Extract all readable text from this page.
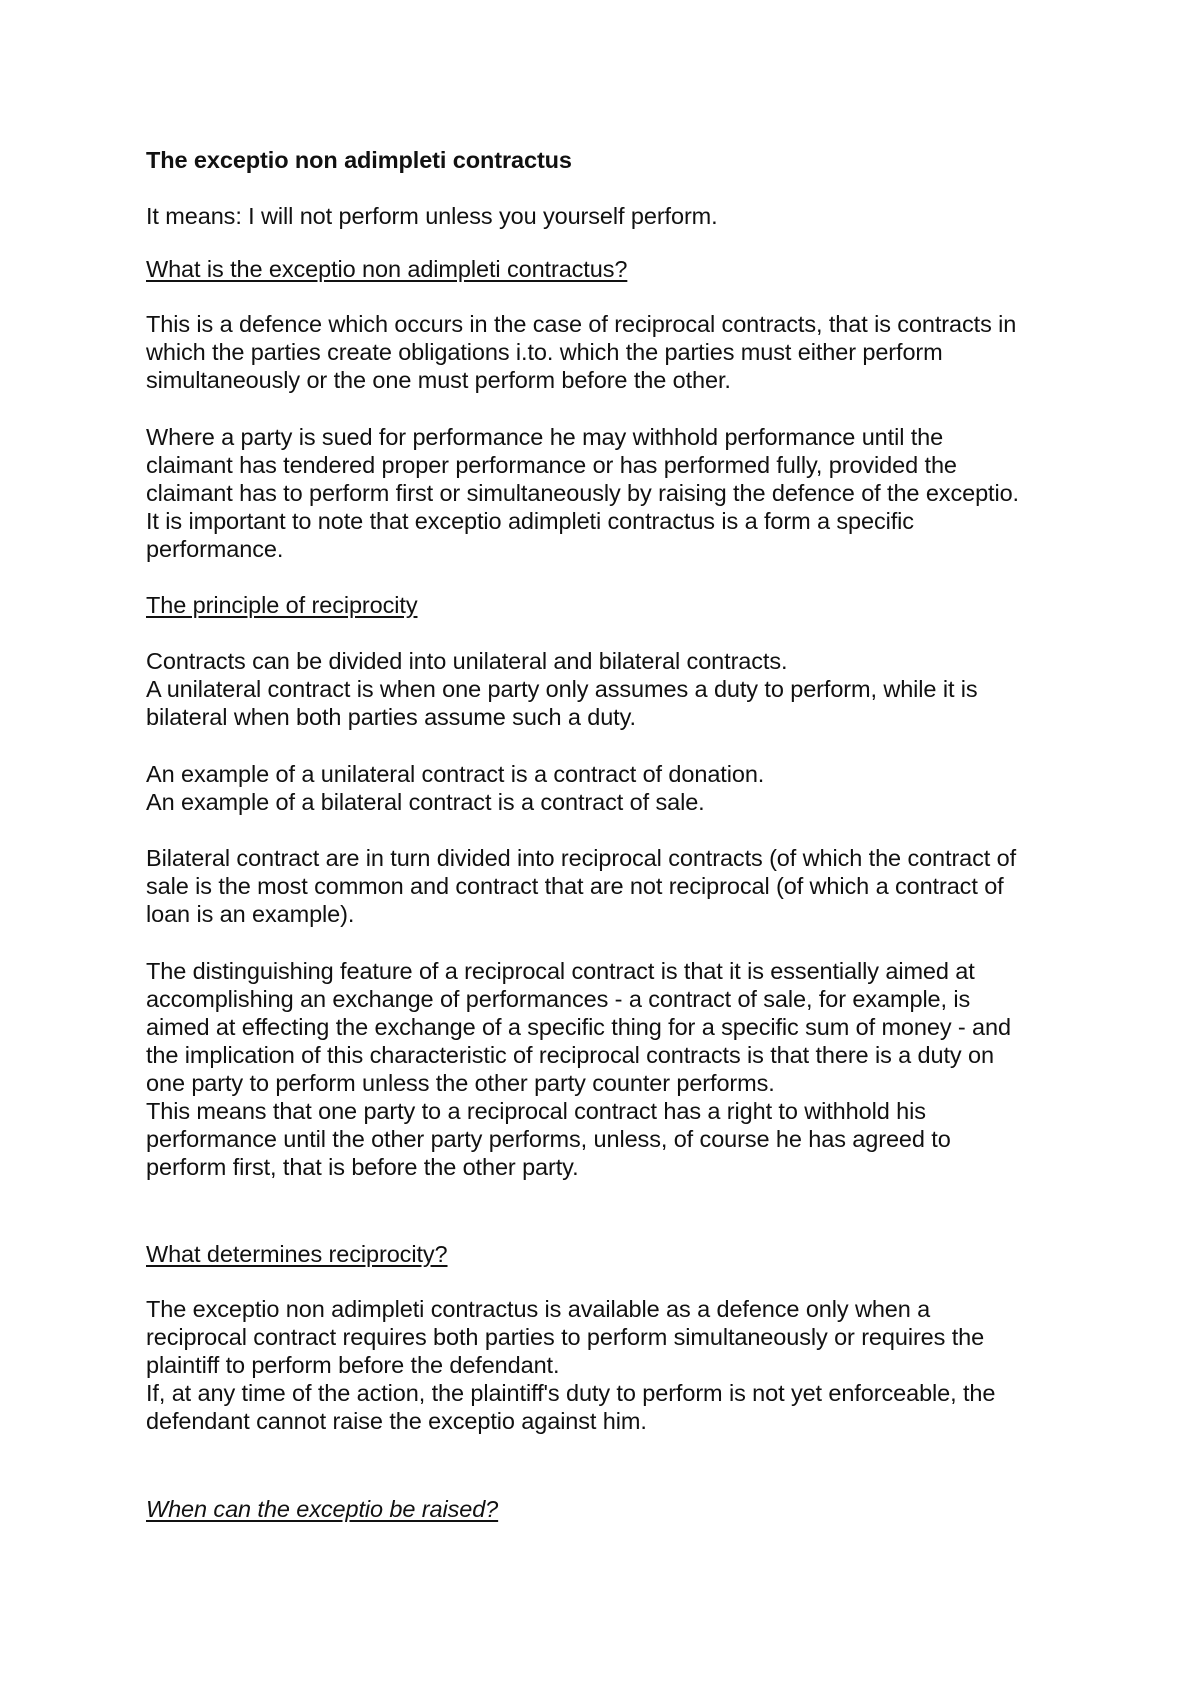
The exceptio non adimpleti contractus
It means: I will not perform unless you yourself perform.
What is the exceptio non adimpleti contractus?
This is a defence which occurs in the case of reciprocal contracts, that is contracts in
which the parties create obligations i.to. which the parties must either perform
simultaneously or the one must perform before the other.
Where a party is sued for performance he may withhold performance until the
claimant has tendered proper performance or has performed fully, provided the
claimant has to perform first or simultaneously by raising the defence of the exceptio.
It is important to note that exceptio adimpleti contractus is a form a specific
performance.
The principle of reciprocity
Contracts can be divided into unilateral and bilateral contracts.
A unilateral contract is when one party only assumes a duty to perform, while it is
bilateral when both parties assume such a duty.
An example of a unilateral contract is a contract of donation.
An example of a bilateral contract is a contract of sale.
Bilateral contract are in turn divided into reciprocal contracts (of which the contract of
sale is the most common and contract that are not reciprocal (of which a contract of
loan is an example).
The distinguishing feature of a reciprocal contract is that it is essentially aimed at
accomplishing an exchange of performances - a contract of sale, for example, is
aimed at effecting the exchange of a specific thing for a specific sum of money - and
the implication of this characteristic of reciprocal contracts is that there is a duty on
one party to perform unless the other party counter performs.
This means that one party to a reciprocal contract has a right to withhold his
performance until the other party performs, unless, of course he has agreed to
perform first, that is before the other party.
What determines reciprocity?
The exceptio non adimpleti contractus is available as a defence only when a
reciprocal contract requires both parties to perform simultaneously or requires the
plaintiff to perform before the defendant.
If, at any time of the action, the plaintiff's duty to perform is not yet enforceable, the
defendant cannot raise the exceptio against him.
When can the exceptio be raised?
